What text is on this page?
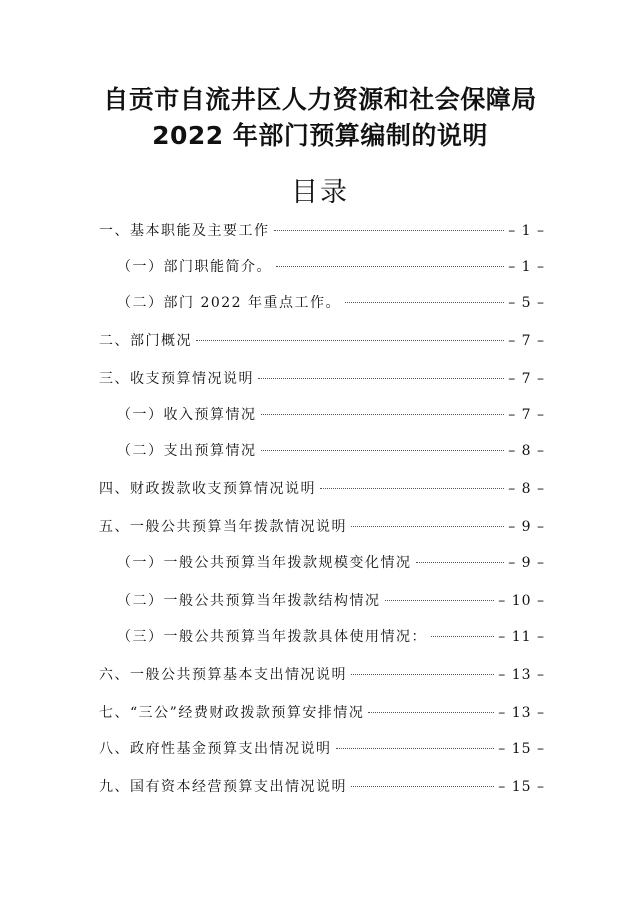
自贡市自流井区人力资源和社会保障局
2022 年部门预算编制的说明
目录
一、基本职能及主要工作	– 1 –
（一）部门职能简介。	– 1 –
（二）部门 2022 年重点工作。	– 5 –
二、部门概况	– 7 –
三、收支预算情况说明	– 7 –
（一）收入预算情况	– 7 –
（二）支出预算情况	– 8 –
四、财政拨款收支预算情况说明	– 8 –
五、一般公共预算当年拨款情况说明	– 9 –
（一）一般公共预算当年拨款规模变化情况	– 9 –
（二）一般公共预算当年拨款结构情况	– 10 –
（三）一般公共预算当年拨款具体使用情况：	– 11 –
六、一般公共预算基本支出情况说明	– 13 –
七、“三公”经费财政拨款预算安排情况	– 13 –
八、政府性基金预算支出情况说明	– 15 –
九、国有资本经营预算支出情况说明	– 15 –
